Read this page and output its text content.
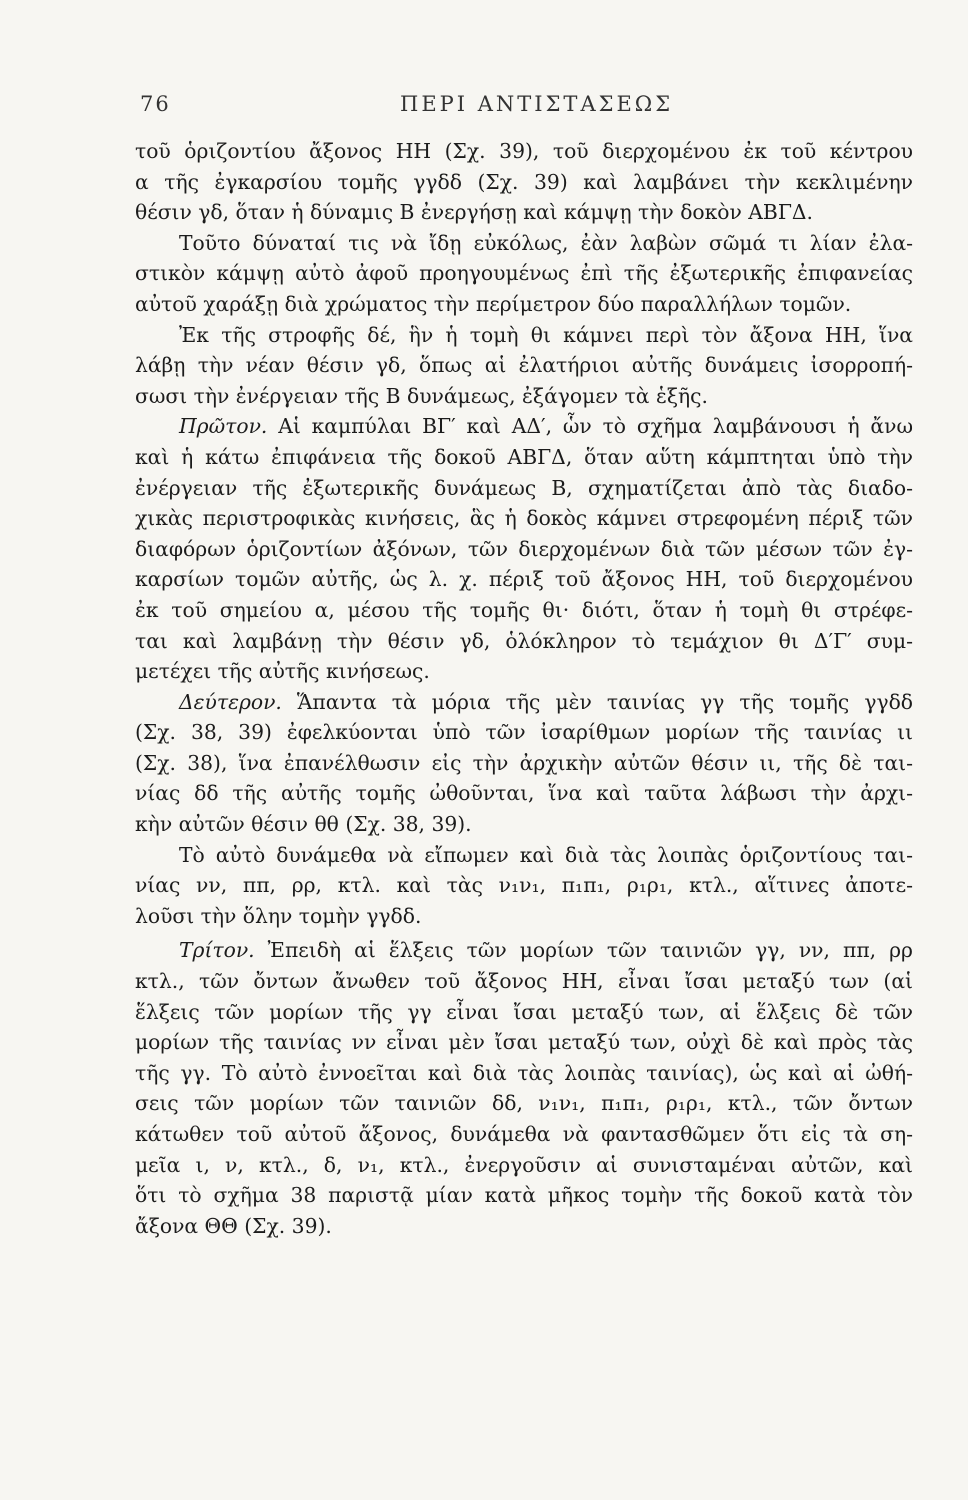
76	ΠΕΡΙ ΑΝΤΙΣΤΑΣΕΩΣ
τοῦ ὁριζοντίου ἄξονος ΗΗ (Σχ. 39), τοῦ διερχομένου ἐκ τοῦ κέντρου
α τῆς ἐγκαρσίου τομῆς γγδδ (Σχ. 39) καὶ λαμβάνει τὴν κεκλιμένην
θέσιν γδ, ὅταν ἡ δύναμις Β ἐνεργήσῃ καὶ κάμψῃ τὴν δοκὸν ΑΒΓΔ.
Τοῦτο δύναταί τις νὰ ἴδῃ εὐκόλως, ἐὰν λαβὼν σῶμά τι λίαν ἐλα-
στικὸν κάμψῃ αὐτὸ ἀφοῦ προηγουμένως ἐπὶ τῆς ἐξωτερικῆς ἐπιφανείας
αὐτοῦ χαράξῃ διὰ χρώματος τὴν περίμετρον δύο παραλλήλων τομῶν.
Ἐκ τῆς στροφῆς δέ, ἣν ἡ τομὴ θι κάμνει περὶ τὸν ἄξονα ΗΗ, ἵνα
λάβῃ τὴν νέαν θέσιν γδ, ὅπως αἱ ἐλατήριοι αὐτῆς δυνάμεις ἰσορροπή-
σωσι τὴν ἐνέργειαν τῆς Β δυνάμεως, ἐξάγομεν τὰ ἑξῆς.
Πρῶτον. Αἱ καμπύλαι ΒΓ′ καὶ ΑΔ′, ὧν τὸ σχῆμα λαμβάνουσι ἡ ἄνω
καὶ ἡ κάτω ἐπιφάνεια τῆς δοκοῦ ΑΒΓΔ, ὅταν αὕτη κάμπτηται ὑπὸ τὴν
ἐνέργειαν τῆς ἐξωτερικῆς δυνάμεως Β, σχηματίζεται ἀπὸ τὰς διαδο-
χικὰς περιστροφικὰς κινήσεις, ἃς ἡ δοκὸς κάμνει στρεφομένη πέριξ τῶν
διαφόρων ὁριζοντίων ἀξόνων, τῶν διερχομένων διὰ τῶν μέσων τῶν ἐγ-
καρσίων τομῶν αὐτῆς, ὡς λ. χ. πέριξ τοῦ ἄξονος ΗΗ, τοῦ διερχομένου
ἐκ τοῦ σημείου α, μέσου τῆς τομῆς θι· διότι, ὅταν ἡ τομὴ θι στρέφε-
ται καὶ λαμβάνῃ τὴν θέσιν γδ, ὁλόκληρον τὸ τεμάχιον θι Δ′Γ′ συμ-
μετέχει τῆς αὐτῆς κινήσεως.
Δεύτερον. Ἅπαντα τὰ μόρια τῆς μὲν ταινίας γγ τῆς τομῆς γγδδ
(Σχ. 38, 39) ἐφελκύονται ὑπὸ τῶν ἰσαρίθμων μορίων τῆς ταινίας ιι
(Σχ. 38), ἵνα ἐπανέλθωσιν εἰς τὴν ἀρχικὴν αὐτῶν θέσιν ιι, τῆς δὲ ται-
νίας δδ τῆς αὐτῆς τομῆς ὠθοῦνται, ἵνα καὶ ταῦτα λάβωσι τὴν ἀρχι-
κὴν αὐτῶν θέσιν θθ (Σχ. 38, 39).
Τὸ αὐτὸ δυνάμεθα νὰ εἴπωμεν καὶ διὰ τὰς λοιπὰς ὁριζοντίους ται-
νίας νν, ππ, ρρ, κτλ. καὶ τὰς ν₁ν₁, π₁π₁, ρ₁ρ₁, κτλ., αἵτινες ἀποτε-
λοῦσι τὴν ὅλην τομὴν γγδδ.
Τρίτον. Ἐπειδὴ αἱ ἕλξεις τῶν μορίων τῶν ταινιῶν γγ, νν, ππ, ρρ
κτλ., τῶν ὄντων ἄνωθεν τοῦ ἄξονος ΗΗ, εἶναι ἴσαι μεταξύ των (αἱ
ἕλξεις τῶν μορίων τῆς γγ εἶναι ἴσαι μεταξύ των, αἱ ἕλξεις δὲ τῶν
μορίων τῆς ταινίας νν εἶναι μὲν ἴσαι μεταξύ των, οὐχὶ δὲ καὶ πρὸς τὰς
τῆς γγ. Τὸ αὐτὸ ἐννοεῖται καὶ διὰ τὰς λοιπὰς ταινίας), ὡς καὶ αἱ ὠθή-
σεις τῶν μορίων τῶν ταινιῶν δδ, ν₁ν₁, π₁π₁, ρ₁ρ₁, κτλ., τῶν ὄντων
κάτωθεν τοῦ αὐτοῦ ἄξονος, δυνάμεθα νὰ φαντασθῶμεν ὅτι εἰς τὰ ση-
μεῖα ι, ν, κτλ., δ, ν₁, κτλ., ἐνεργοῦσιν αἱ συνισταμέναι αὐτῶν, καὶ
ὅτι τὸ σχῆμα 38 παριστᾷ μίαν κατὰ μῆκος τομὴν τῆς δοκοῦ κατὰ τὸν
ἄξονα ΘΘ (Σχ. 39).
